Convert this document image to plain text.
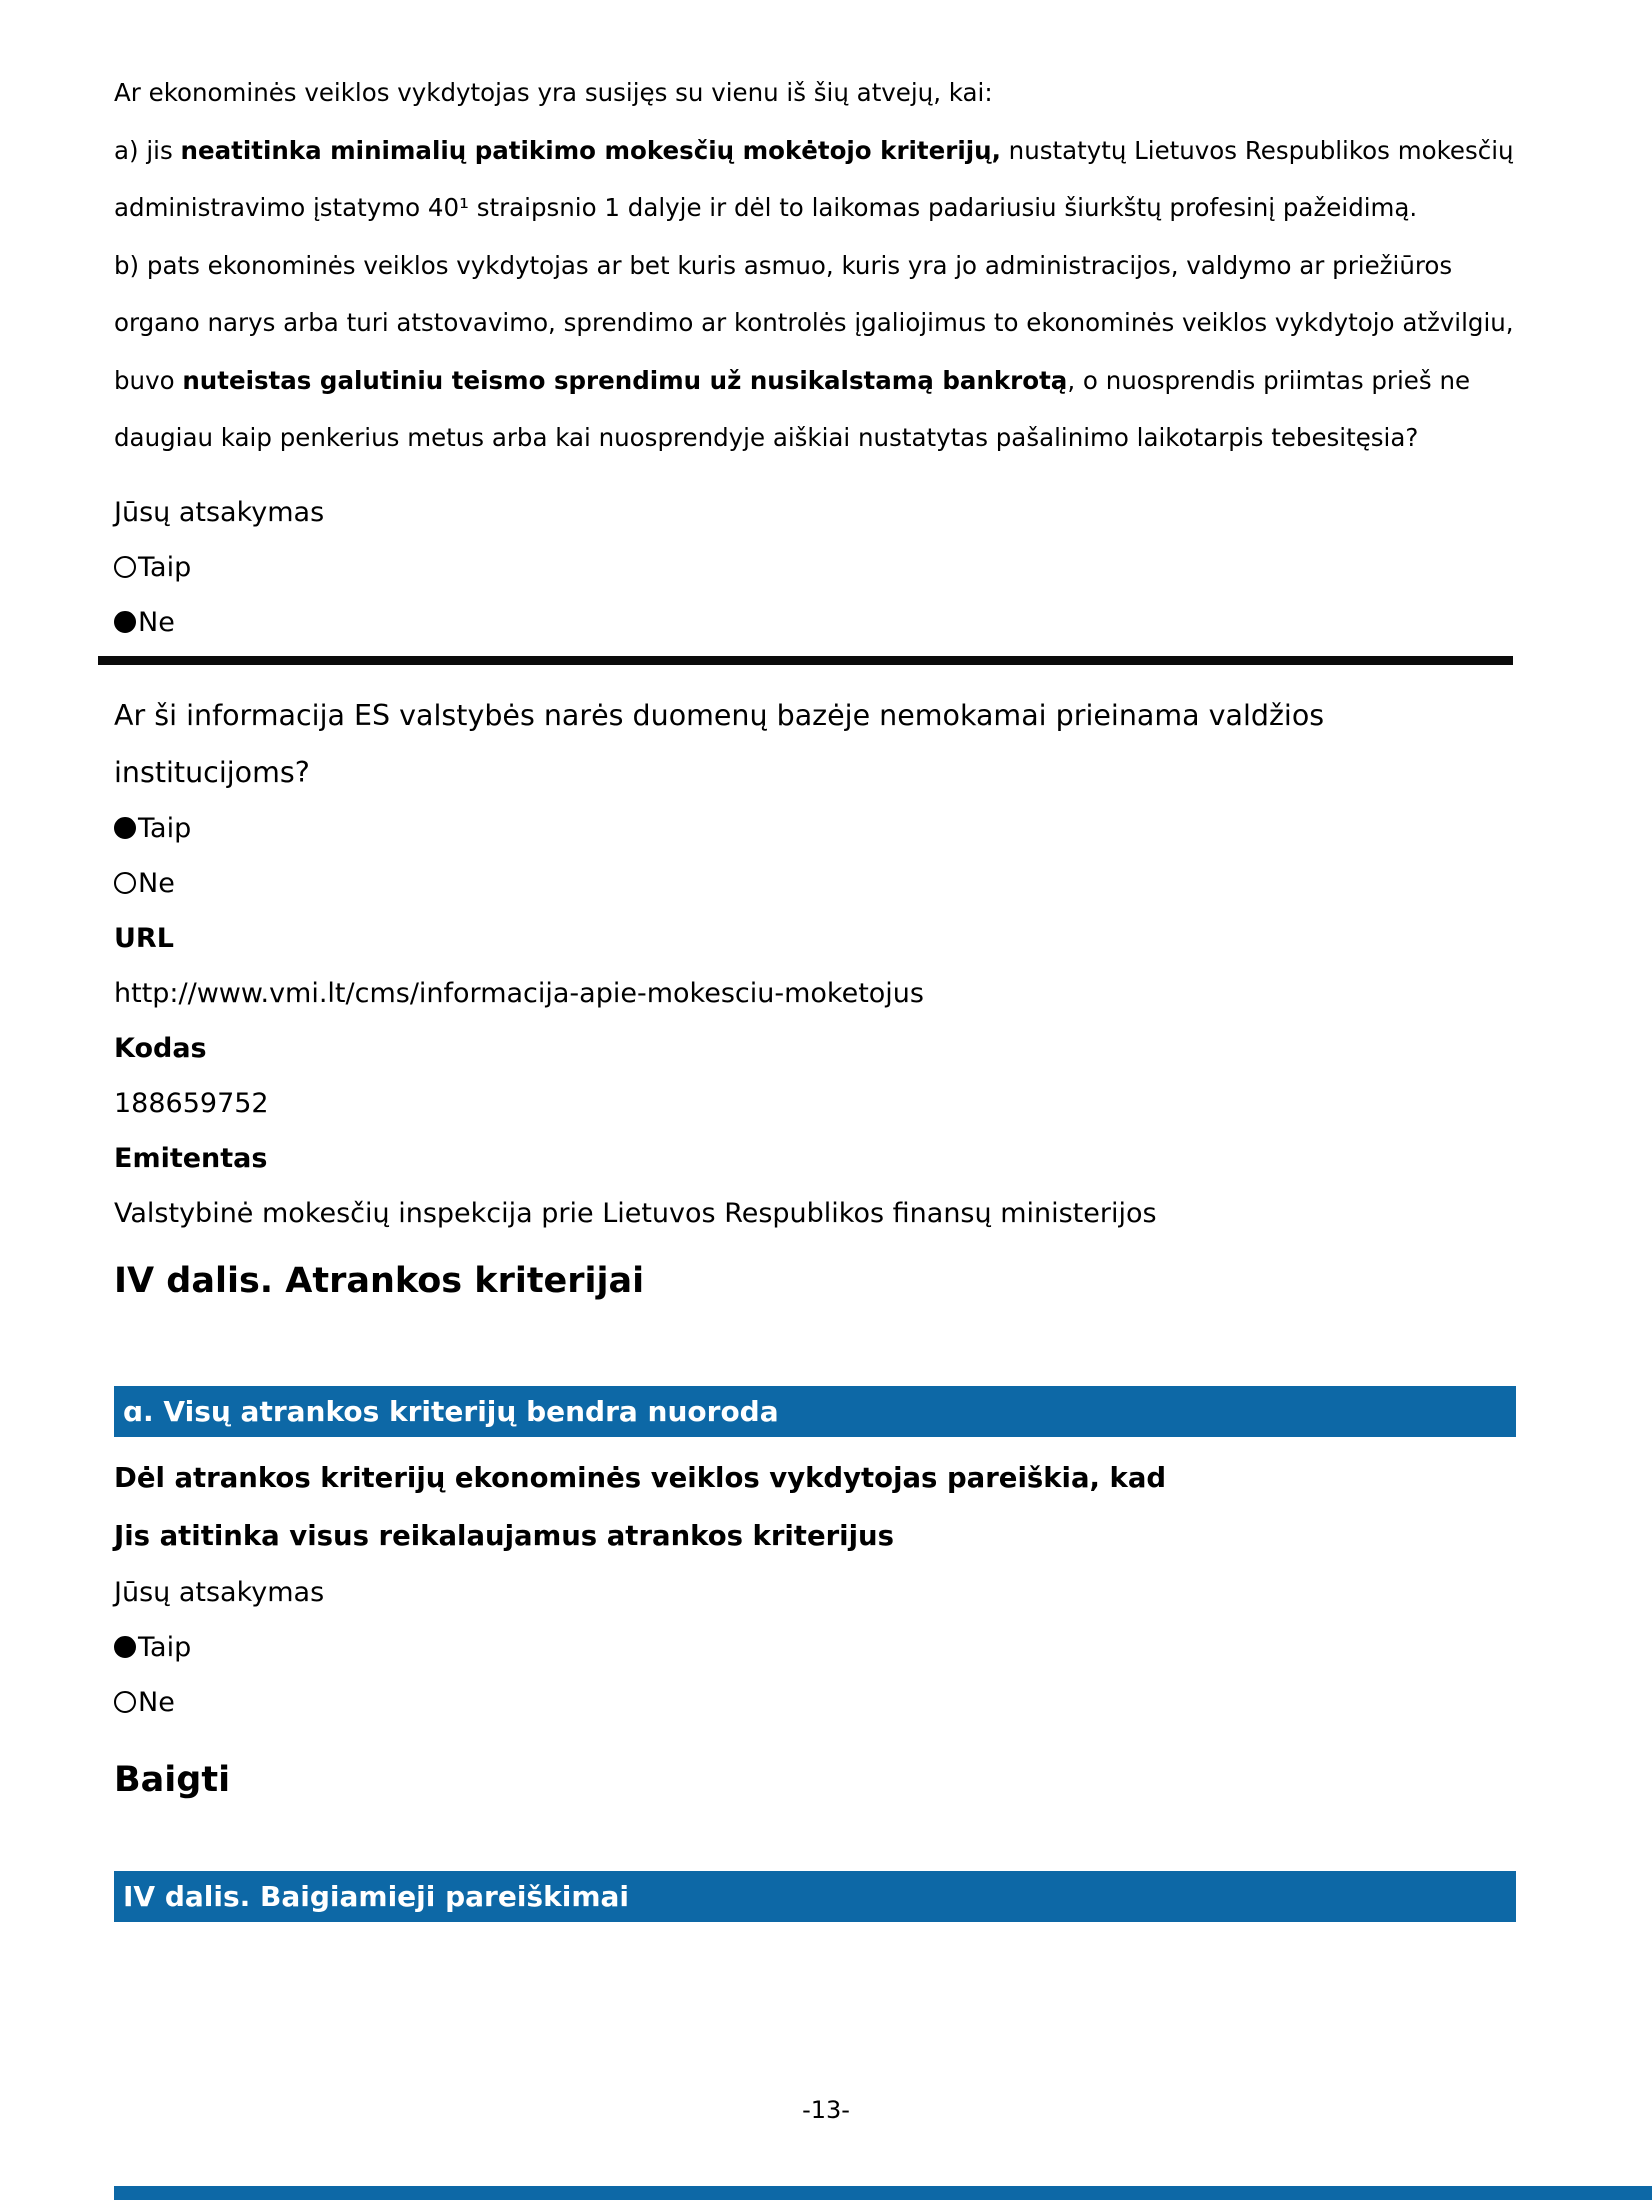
Ar ekonominės veiklos vykdytojas yra susijęs su vienu iš šių atvejų, kai:

a) jis neatitinka minimalių patikimo mokesčių mokėtojo kriterijų, nustatytų Lietuvos Respublikos mokesčių administravimo įstatymo 40¹ straipsnio 1 dalyje ir dėl to laikomas padariusiu šiurkštų profesinį pažeidimą.

b) pats ekonominės veiklos vykdytojas ar bet kuris asmuo, kuris yra jo administracijos, valdymo ar priežiūros organo narys arba turi atstovavimo, sprendimo ar kontrolės įgaliojimus to ekonominės veiklos vykdytojo atžvilgiu, buvo nuteistas galutiniu teismo sprendimu už nusikalstamą bankrotą, o nuosprendis priimtas prieš ne daugiau kaip penkerius metus arba kai nuosprendyje aiškiai nustatytas pašalinimo laikotarpis tebesitęsia?

Jūsų atsakymas
Taip
Ne
Ar ši informacija ES valstybės narės duomenų bazėje nemokamai prieinama valdžios institucijoms?
Taip
Ne
URL
http://www.vmi.lt/cms/informacija-apie-mokesciu-moketojus
Kodas
188659752
Emitentas
Valstybinė mokesčių inspekcija prie Lietuvos Respublikos finansų ministerijos
IV dalis. Atrankos kriterijai
ɑ. Visų atrankos kriterijų bendra nuoroda
Dėl atrankos kriterijų ekonominės veiklos vykdytojas pareiškia, kad
Jis atitinka visus reikalaujamus atrankos kriterijus
Jūsų atsakymas
Taip
Ne
Baigti
IV dalis. Baigiamieji pareiškimai
-13-
